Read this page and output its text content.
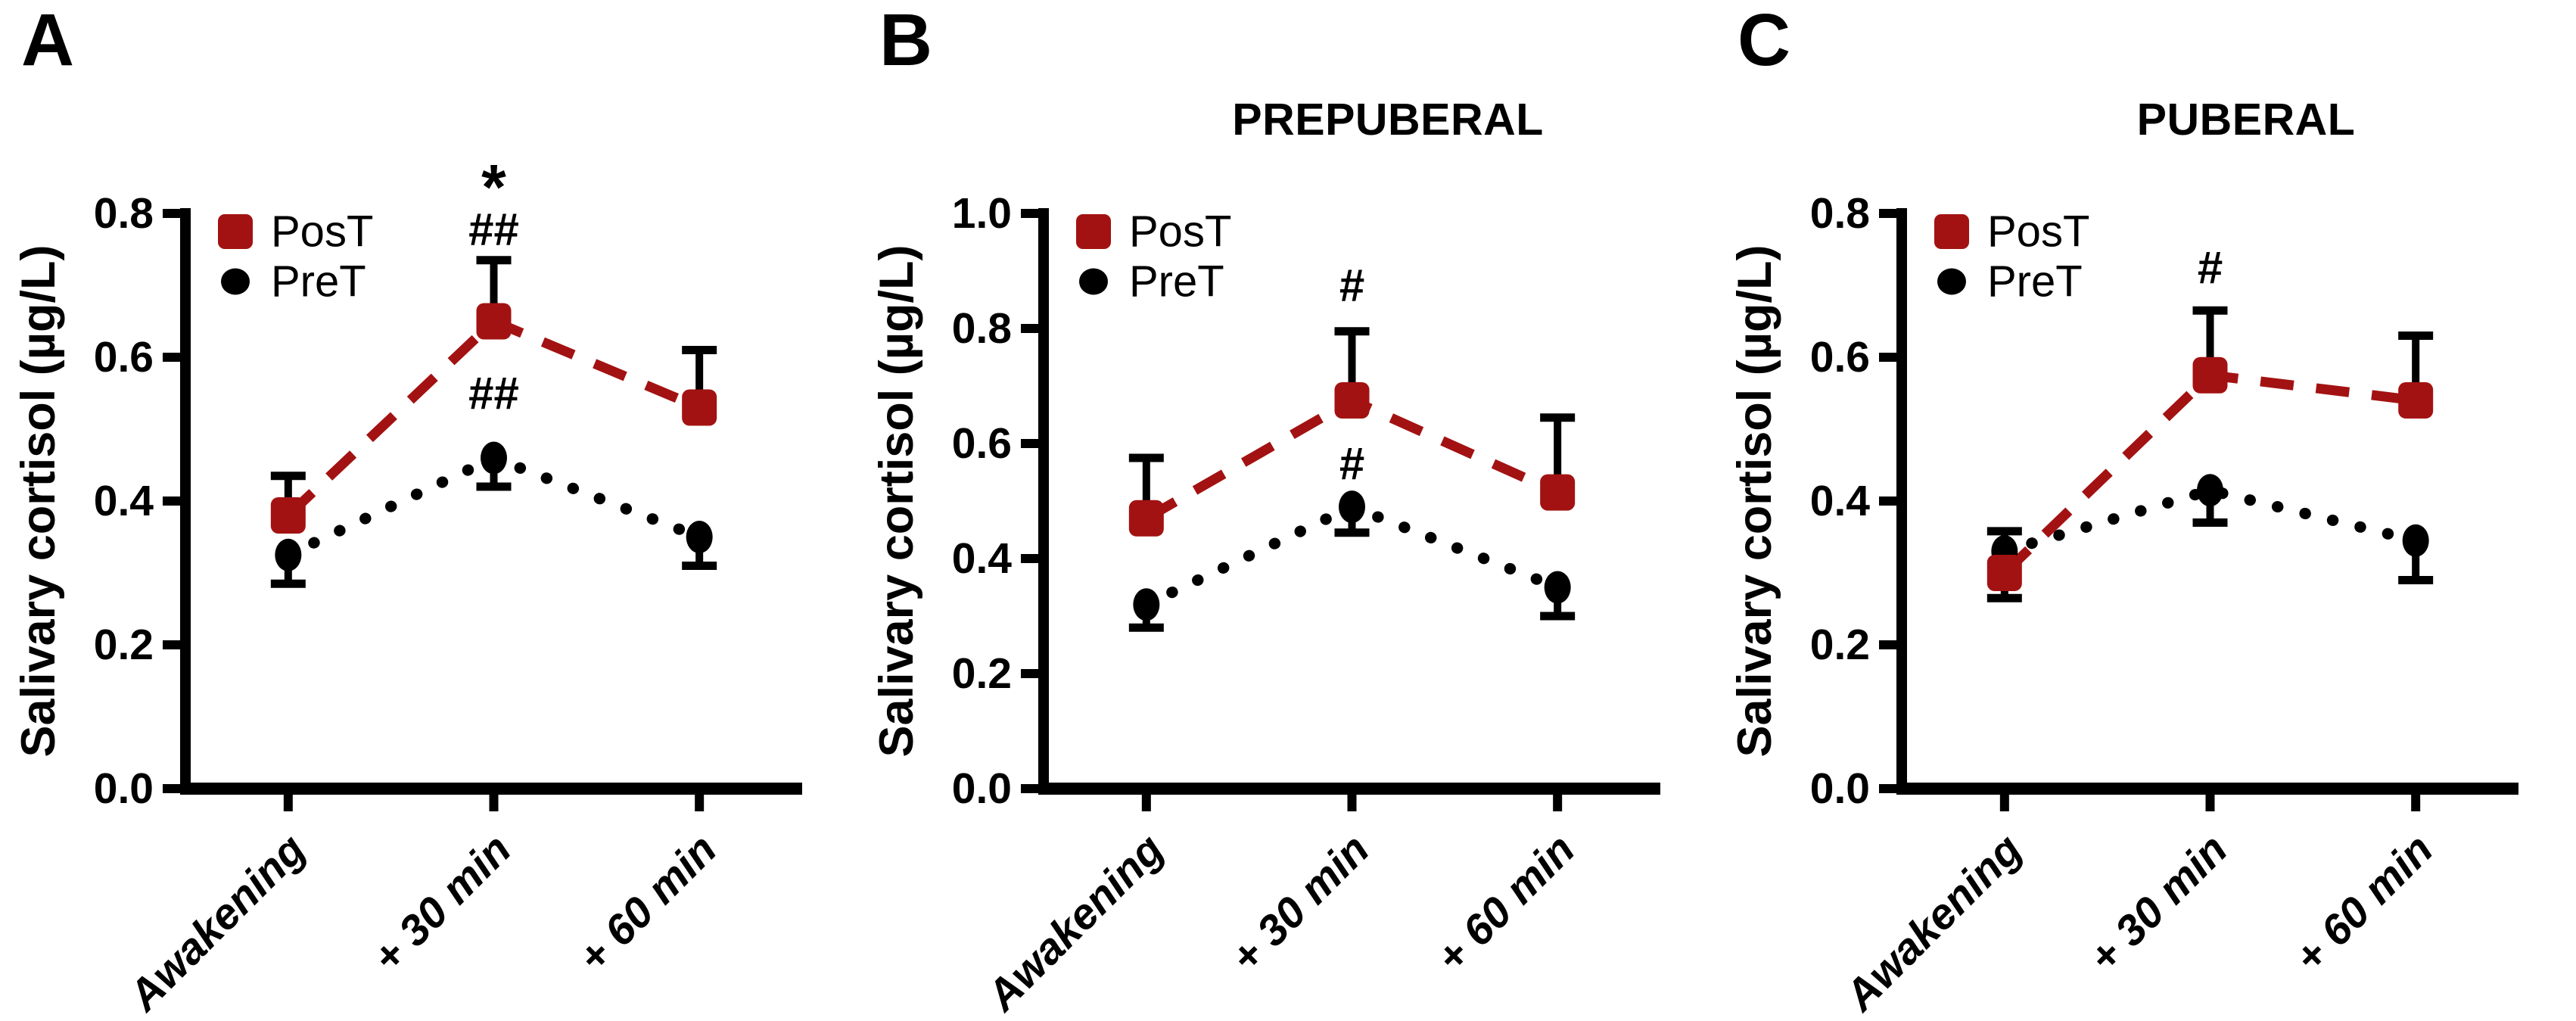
A
0.0
0.2
0.4
0.6
0.8
Awakening + 30 min + 60 min
Salivary cortisol (µg/L)
PosT
PreT
*
##
##
B
PREPUBERAL
0.0
0.2
0.4
0.6
0.8
1.0
Awakening + 30 min + 60 min
Salivary cortisol (µg/L)
PosT
PreT	#
#
C
PUBERAL
0.0
0.2
0.4
0.6
0.8
Awakening + 30 min + 60 min
Salivary cortisol (µg/L)
PosT
PreT	#
